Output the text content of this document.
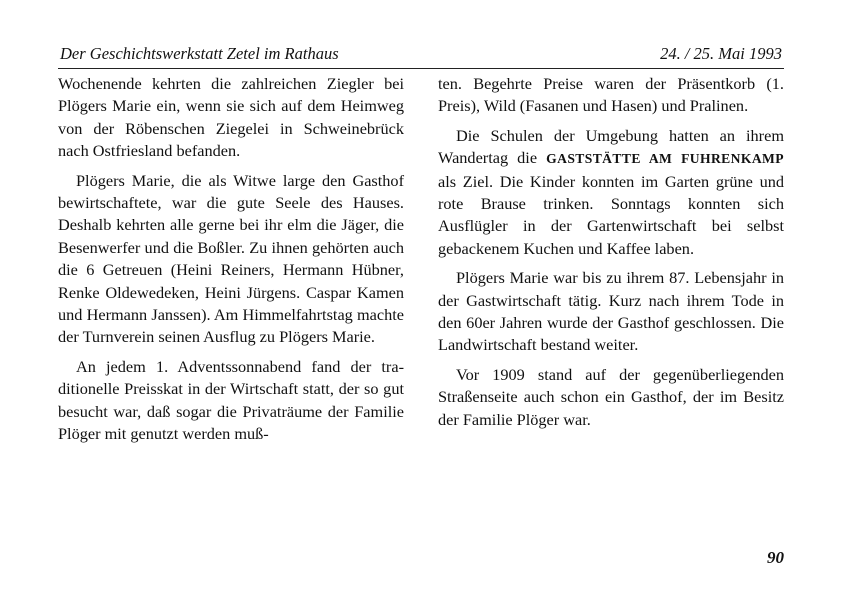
Der Geschichtswerkstatt Zetel im Rathaus	24. / 25. Mai 1993

Wochenende kehrten die zahlreichen Ziegler bei Plögers Marie ein, wenn sie sich auf dem Heimweg von der Röbenschen Ziegelei in Schweinebrück nach Ostfriesland befanden.

Plögers Marie, die als Witwe large den Gasthof bewirtschaftete, war die gute Seele des Hauses. Deshalb kehrten alle gerne bei ihr elm die Jäger, die Besenwerfer und die Boßler. Zu ihnen gehörten auch die 6 Getreuen (Heini Reiners, Hermann Hübner, Renke Oldewedeken, Heini Jürgens. Caspar Kamen und Hermann Janssen). Am Himmelfahrtstag machte der Turnverein seinen Ausflug zu Plögers Marie.

An jedem 1. Adventssonnabend fand der traditionelle Preisskat in der Wirtschaft statt, der so gut besucht war, daß sogar die Privaträume der Familie Plöger mit genutzt werden muß-

ten. Begehrte Preise waren der Präsentkorb (1. Preis), Wild (Fasanen und Hasen) und Pralinen.

Die Schulen der Umgebung hatten an ihrem Wandertag die GASTSTÄTTE AM FUHRENKAMP als Ziel. Die Kinder konnten im Garten grüne und rote Brause trinken. Sonntags konnten sich Ausflügler in der Gartenwirtschaft bei selbst gebackenem Kuchen und Kaffee laben.

Plögers Marie war bis zu ihrem 87. Lebensjahr in der Gastwirtschaft tätig. Kurz nach ihrem Tode in den 60er Jahren wurde der Gasthof geschlossen. Die Landwirtschaft bestand weiter.

Vor 1909 stand auf der gegenüberliegenden Straßenseite auch schon ein Gasthof, der im Besitz der Familie Plöger war.

90
